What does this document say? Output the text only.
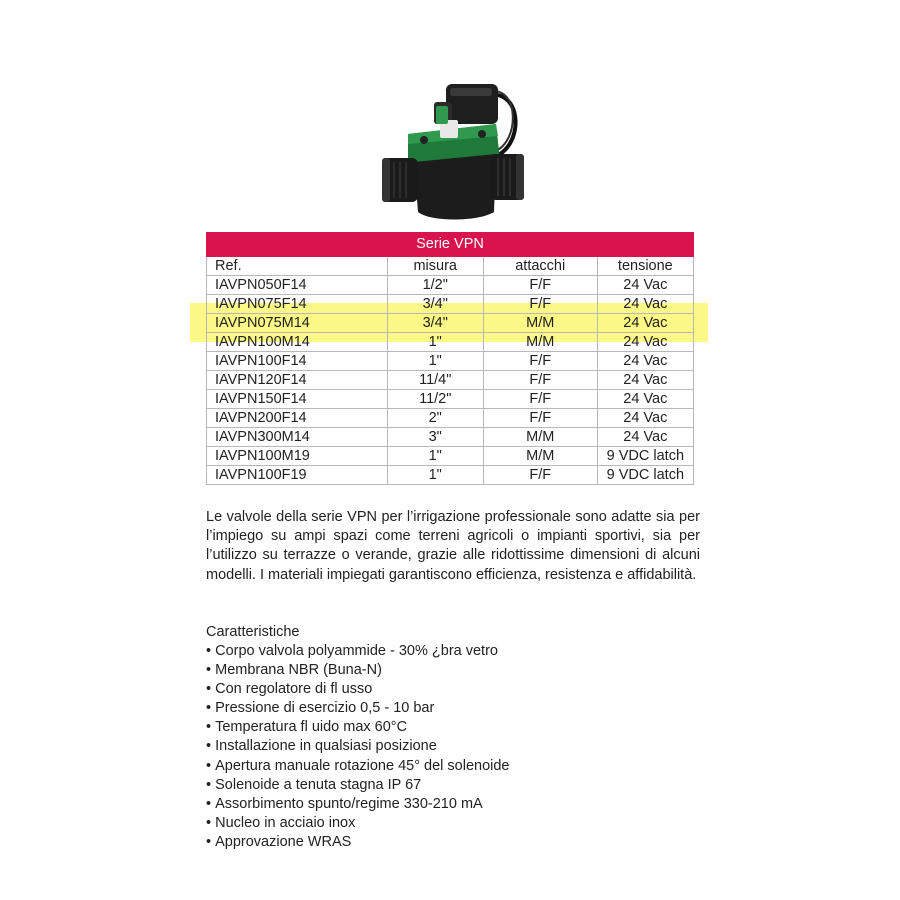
Serie VPN			
Ref.	misura	attacchi	tensione
IAVPN050F14	1/2"	F/F	24 Vac
IAVPN075F14	3/4"	F/F	24 Vac
IAVPN075M14	3/4"	M/M	24 Vac
IAVPN100M14	1"	M/M	24 Vac
IAVPN100F14	1"	F/F	24 Vac
IAVPN120F14	11/4"	F/F	24 Vac
IAVPN150F14	11/2"	F/F	24 Vac
IAVPN200F14	2"	F/F	24 Vac
IAVPN300M14	3"	M/M	24 Vac
IAVPN100M19	1"	M/M	9 VDC latch
IAVPN100F19	1"	F/F	9 VDC latch

Le valvole della serie VPN per l’irrigazione professionale sono adatte sia per l’impiego su ampi spazi come terreni agricoli o impianti sportivi, sia per l’utilizzo su terrazze o verande, grazie alle ridottissime dimensioni di alcuni modelli. I materiali impiegati garantiscono efficienza, resistenza e affidabilità.

Caratteristiche
• Corpo valvola polyammide - 30% ¿bra vetro
• Membrana NBR (Buna-N)
• Con regolatore di fl usso
• Pressione di esercizio 0,5 - 10 bar
• Temperatura fl uido max 60°C
• Installazione in qualsiasi posizione
• Apertura manuale rotazione 45° del solenoide
• Solenoide a tenuta stagna IP 67
• Assorbimento spunto/regime 330-210 mA
• Nucleo in acciaio inox
• Approvazione WRAS
